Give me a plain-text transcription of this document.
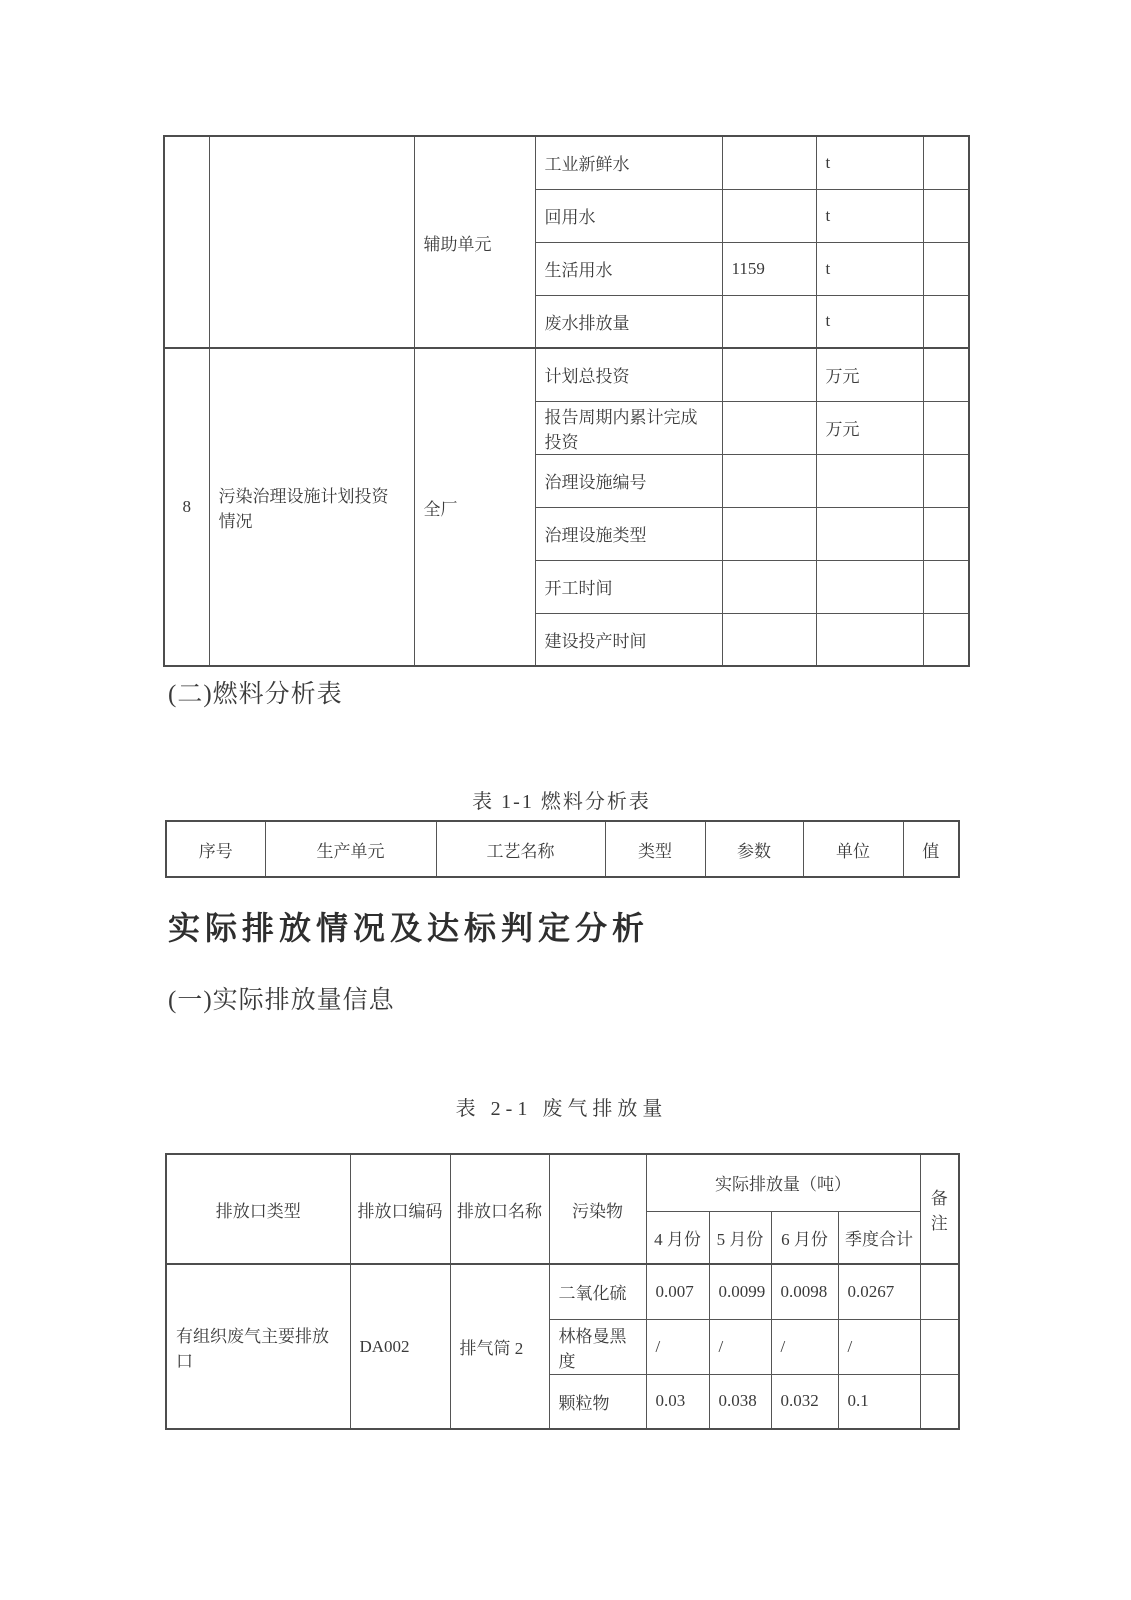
		辅助单元	工业新鲜水		t	
			回用水		t	
			生活用水	1159	t	
			废水排放量		t	
8	污染治理设施计划投资情况	全厂	计划总投资		万元	
			报告周期内累计完成投资		万元	
			治理设施编号			
			治理设施类型			
			开工时间			
			建设投产时间			
(二)燃料分析表
表 1-1 燃料分析表
序号	生产单元	工艺名称	类型	参数	单位	值
实际排放情况及达标判定分析
(一)实际排放量信息
表 2-1 废气排放量
排放口类型	排放口编码	排放口名称	污染物	实际排放量（吨）				备注
				4 月份	5 月份	6 月份	季度合计	
有组织废气主要排放口	DA002	排气筒 2	二氧化硫	0.007	0.0099	0.0098	0.0267	
			林格曼黑度	/	/	/	/	
			颗粒物	0.03	0.038	0.032	0.1	
